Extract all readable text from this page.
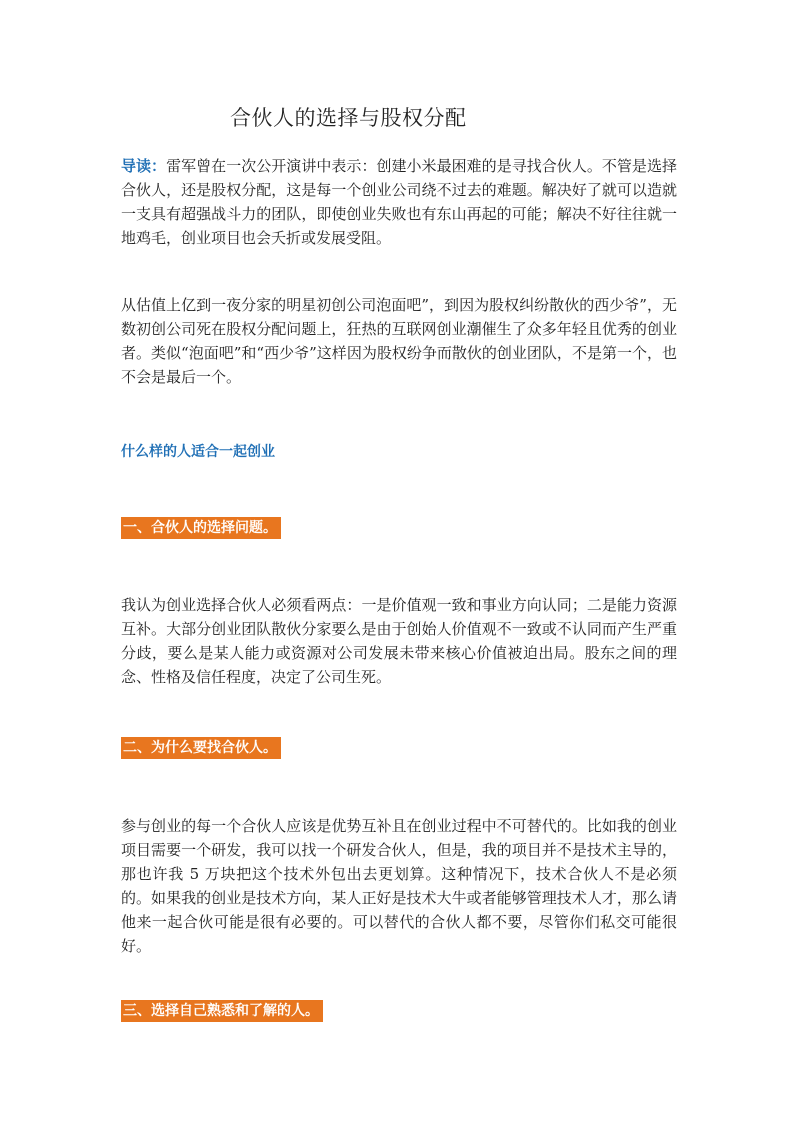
合伙人的选择与股权分配

导读：雷军曾在一次公开演讲中表示：创建小米最困难的是寻找合伙人。不管是选择合伙人，还是股权分配，这是每一个创业公司绕不过去的难题。解决好了就可以造就一支具有超强战斗力的团队，即使创业失败也有东山再起的可能；解决不好往往就一地鸡毛，创业项目也会夭折或发展受阻。

从估值上亿到一夜分家的明星初创公司泡面吧”，到因为股权纠纷散伙的西少爷”，无数初创公司死在股权分配问题上，狂热的互联网创业潮催生了众多年轻且优秀的创业者。类似“泡面吧”和“西少爷”这样因为股权纷争而散伙的创业团队，不是第一个，也不会是最后一个。

什么样的人适合一起创业
一、合伙人的选择问题。

我认为创业选择合伙人必须看两点：一是价值观一致和事业方向认同；二是能力资源互补。大部分创业团队散伙分家要么是由于创始人价值观不一致或不认同而产生严重分歧，要么是某人能力或资源对公司发展未带来核心价值被迫出局。股东之间的理念、性格及信任程度，决定了公司生死。

二、为什么要找合伙人。

参与创业的每一个合伙人应该是优势互补且在创业过程中不可替代的。比如我的创业项目需要一个研发，我可以找一个研发合伙人，但是，我的项目并不是技术主导的，那也许我 5 万块把这个技术外包出去更划算。这种情况下，技术合伙人不是必须的。如果我的创业是技术方向，某人正好是技术大牛或者能够管理技术人才，那么请他来一起合伙可能是很有必要的。可以替代的合伙人都不要，尽管你们私交可能很好。

三、选择自己熟悉和了解的人。
